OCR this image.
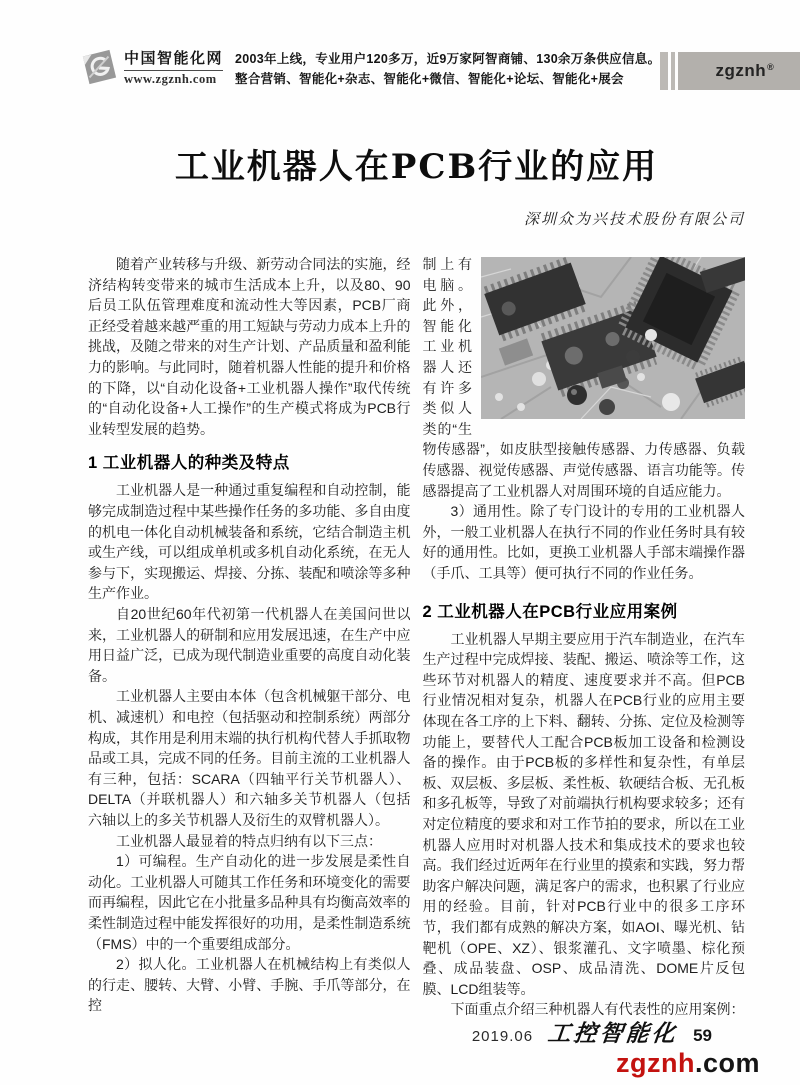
中国智能化网
www.zgznh.com
2003年上线，专业用户120多万，近9万家阿智商铺、130余万条供应信息。
整合营销、智能化+杂志、智能化+微信、智能化+论坛、智能化+展会	zgznh®
工业机器人在PCB行业的应用
深圳众为兴技术股份有限公司

随着产业转移与升级、新劳动合同法的实施，经济结构转变带来的城市生活成本上升，以及80、90后员工队伍管理难度和流动性大等因素，PCB厂商正经受着越来越严重的用工短缺与劳动力成本上升的挑战，及随之带来的对生产计划、产品质量和盈利能力的影响。与此同时，随着机器人性能的提升和价格的下降，以“自动化设备+工业机器人操作”取代传统的“自动化设备+人工操作”的生产模式将成为PCB行业转型发展的趋势。

1 工业机器人的种类及特点

工业机器人是一种通过重复编程和自动控制，能够完成制造过程中某些操作任务的多功能、多自由度的机电一体化自动机械装备和系统，它结合制造主机或生产线，可以组成单机或多机自动化系统，在无人参与下，实现搬运、焊接、分拣、装配和喷涂等多种生产作业。

自20世纪60年代初第一代机器人在美国问世以来，工业机器人的研制和应用发展迅速，在生产中应用日益广泛，已成为现代制造业重要的高度自动化装备。

工业机器人主要由本体（包含机械躯干部分、电机、减速机）和电控（包括驱动和控制系统）两部分构成，其作用是利用末端的执行机构代替人手抓取物品或工具，完成不同的任务。目前主流的工业机器人有三种，包括：SCARA（四轴平行关节机器人）、DELTA（并联机器人）和六轴多关节机器人（包括六轴以上的多关节机器人及衍生的双臂机器人）。

工业机器人最显着的特点归纳有以下三点：

1）可编程。生产自动化的进一步发展是柔性自动化。工业机器人可随其工作任务和环境变化的需要而再编程，因此它在小批量多品种具有均衡高效率的柔性制造过程中能发挥很好的功用，是柔性制造系统（FMS）中的一个重要组成部分。

2）拟人化。工业机器人在机械结构上有类似人的行走、腰转、大臂、小臂、手腕、手爪等部分，在控

制上有电脑。此外，智能化工业机器人还有许多类似人类的“生物传感器”，如皮肤型接触传感器、力传感器、负载传感器、视觉传感器、声觉传感器、语言功能等。传感器提高了工业机器人对周围环境的自适应能力。

3）通用性。除了专门设计的专用的工业机器人外，一般工业机器人在执行不同的作业任务时具有较好的通用性。比如，更换工业机器人手部末端操作器（手爪、工具等）便可执行不同的作业任务。

2 工业机器人在PCB行业应用案例

工业机器人早期主要应用于汽车制造业，在汽车生产过程中完成焊接、装配、搬运、喷涂等工作，这些环节对机器人的精度、速度要求并不高。但PCB行业情况相对复杂，机器人在PCB行业的应用主要体现在各工序的上下料、翻转、分拣、定位及检测等功能上，要替代人工配合PCB板加工设备和检测设备的操作。由于PCB板的多样性和复杂性，有单层板、双层板、多层板、柔性板、软硬结合板、无孔板和多孔板等，导致了对前端执行机构要求较多；还有对定位精度的要求和对工作节拍的要求，所以在工业机器人应用时对机器人技术和集成技术的要求也较高。我们经过近两年在行业里的摸索和实践，努力帮助客户解决问题，满足客户的需求，也积累了行业应用的经验。目前，针对PCB行业中的很多工序环节，我们都有成熟的解决方案，如AOI、曝光机、钻靶机（OPE、XZ）、银浆灌孔、文字喷墨、棕化预叠、成品装盘、OSP、成品清洗、DOME片反包膜、LCD组装等。

下面重点介绍三种机器人有代表性的应用案例：

2019.06 工控智能化 59
zgznh.com
